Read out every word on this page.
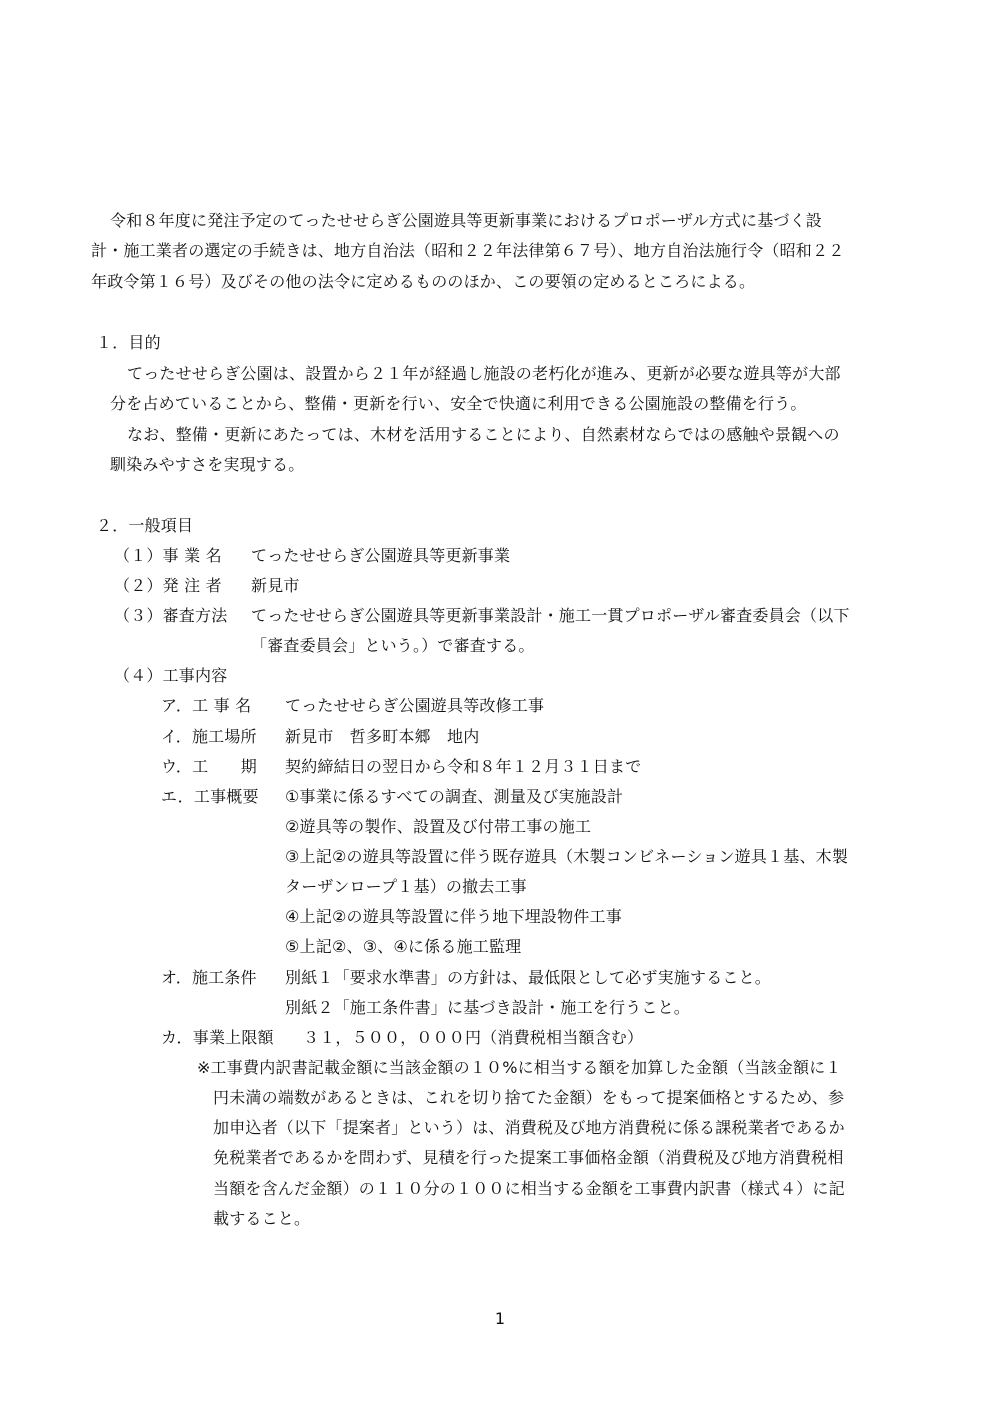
令和８年度に発注予定のてったせせらぎ公園遊具等更新事業におけるプロポーザル方式に基づく設
計・施工業者の選定の手続きは、地方自治法（昭和２２年法律第６７号）、地方自治法施行令（昭和２２
年政令第１６号）及びその他の法令に定めるもののほか、この要領の定めるところによる。
１．目的
てったせせらぎ公園は、設置から２１年が経過し施設の老朽化が進み、更新が必要な遊具等が大部
分を占めていることから、整備・更新を行い、安全で快適に利用できる公園施設の整備を行う。
なお、整備・更新にあたっては、木材を活用することにより、自然素材ならではの感触や景観への
馴染みやすさを実現する。
２．一般項目
（１）事 業 名 てったせせらぎ公園遊具等更新事業
（２）発 注 者 新見市
（３）審査方法 てったせせらぎ公園遊具等更新事業設計・施工一貫プロポーザル審査委員会（以下
「審査委員会」という。）で審査する。
（４）工事内容
ア．工 事 名 てったせせらぎ公園遊具等改修工事
イ．施工場所 新見市　哲多町本郷　地内
ウ．工　　期 契約締結日の翌日から令和８年１２月３１日まで
エ．工事概要 ①事業に係るすべての調査、測量及び実施設計
②遊具等の製作、設置及び付帯工事の施工
③上記②の遊具等設置に伴う既存遊具（木製コンビネーション遊具１基、木製
ターザンロープ１基）の撤去工事
④上記②の遊具等設置に伴う地下埋設物件工事
⑤上記②、③、④に係る施工監理
オ．施工条件 別紙１「要求水準書」の方針は、最低限として必ず実施すること。
別紙２「施工条件書」に基づき設計・施工を行うこと。
カ．事業上限額 ３１，５００，０００円（消費税相当額含む）
※工事費内訳書記載金額に当該金額の１０%に相当する額を加算した金額（当該金額に１
円未満の端数があるときは、これを切り捨てた金額）をもって提案価格とするため、参
加申込者（以下「提案者」という）は、消費税及び地方消費税に係る課税業者であるか
免税業者であるかを問わず、見積を行った提案工事価格金額（消費税及び地方消費税相
当額を含んだ金額）の１１０分の１００に相当する金額を工事費内訳書（様式４）に記
載すること。
1
